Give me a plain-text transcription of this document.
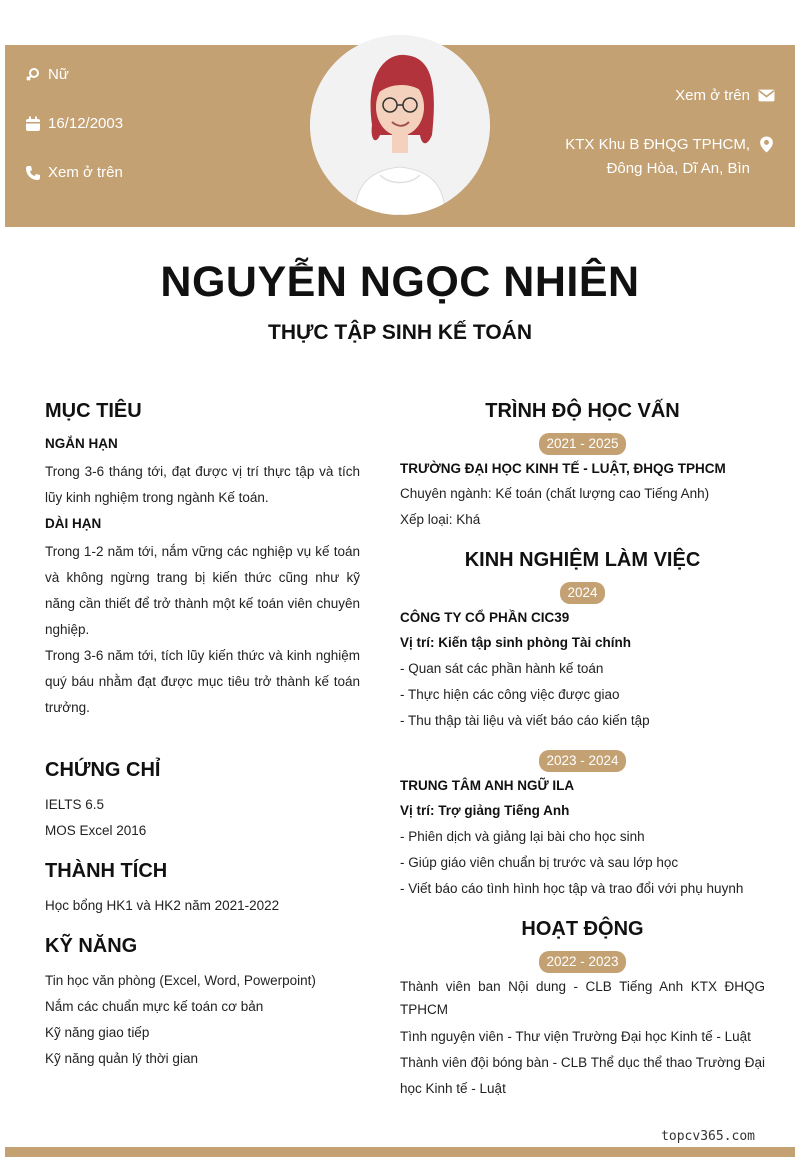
Nữ
16/12/2003
Xem ở trên
Xem ở trên
KTX Khu B ĐHQG TPHCM,
Đông Hòa, Dĩ An, Bìn
NGUYỄN NGỌC NHIÊN
THỰC TẬP SINH KẾ TOÁN
MỤC TIÊU
NGẮN HẠN
Trong 3-6 tháng tới, đạt được vị trí thực tập và tích lũy kinh nghiệm trong ngành Kế toán.
DÀI HẠN
Trong 1-2 năm tới, nắm vững các nghiệp vụ kế toán và không ngừng trang bị kiến thức cũng như kỹ năng cần thiết để trở thành một kế toán viên chuyên nghiệp.
Trong 3-6 năm tới, tích lũy kiến thức và kinh nghiệm quý báu nhằm đạt được mục tiêu trở thành kế toán trưởng.
CHỨNG CHỈ
IELTS 6.5
MOS Excel 2016
THÀNH TÍCH
Học bổng HK1 và HK2 năm 2021-2022
KỸ NĂNG
Tin học văn phòng (Excel, Word, Powerpoint)
Nắm các chuẩn mực kế toán cơ bản
Kỹ năng giao tiếp
Kỹ năng quản lý thời gian
TRÌNH ĐỘ HỌC VẤN
2021 - 2025
TRƯỜNG ĐẠI HỌC KINH TẾ - LUẬT, ĐHQG TPHCM
Chuyên ngành: Kế toán (chất lượng cao Tiếng Anh)
Xếp loại: Khá
KINH NGHIỆM LÀM VIỆC
2024
CÔNG TY CỔ PHẦN CIC39
Vị trí: Kiến tập sinh phòng Tài chính
- Quan sát các phần hành kế toán
- Thực hiện các công việc được giao
- Thu thập tài liệu và viết báo cáo kiến tập
2023 - 2024
TRUNG TÂM ANH NGỮ ILA
Vị trí: Trợ giảng Tiếng Anh
- Phiên dịch và giảng lại bài cho học sinh
- Giúp giáo viên chuẩn bị trước và sau lớp học
- Viết báo cáo tình hình học tập và trao đổi với phụ huynh
HOẠT ĐỘNG
2022 - 2023
Thành viên ban Nội dung - CLB Tiếng Anh KTX ĐHQG TPHCM
Tình nguyện viên - Thư viện Trường Đại học Kinh tế - Luật
Thành viên đội bóng bàn - CLB Thể dục thể thao Trường Đại học Kinh tế - Luật
topcv365.com
